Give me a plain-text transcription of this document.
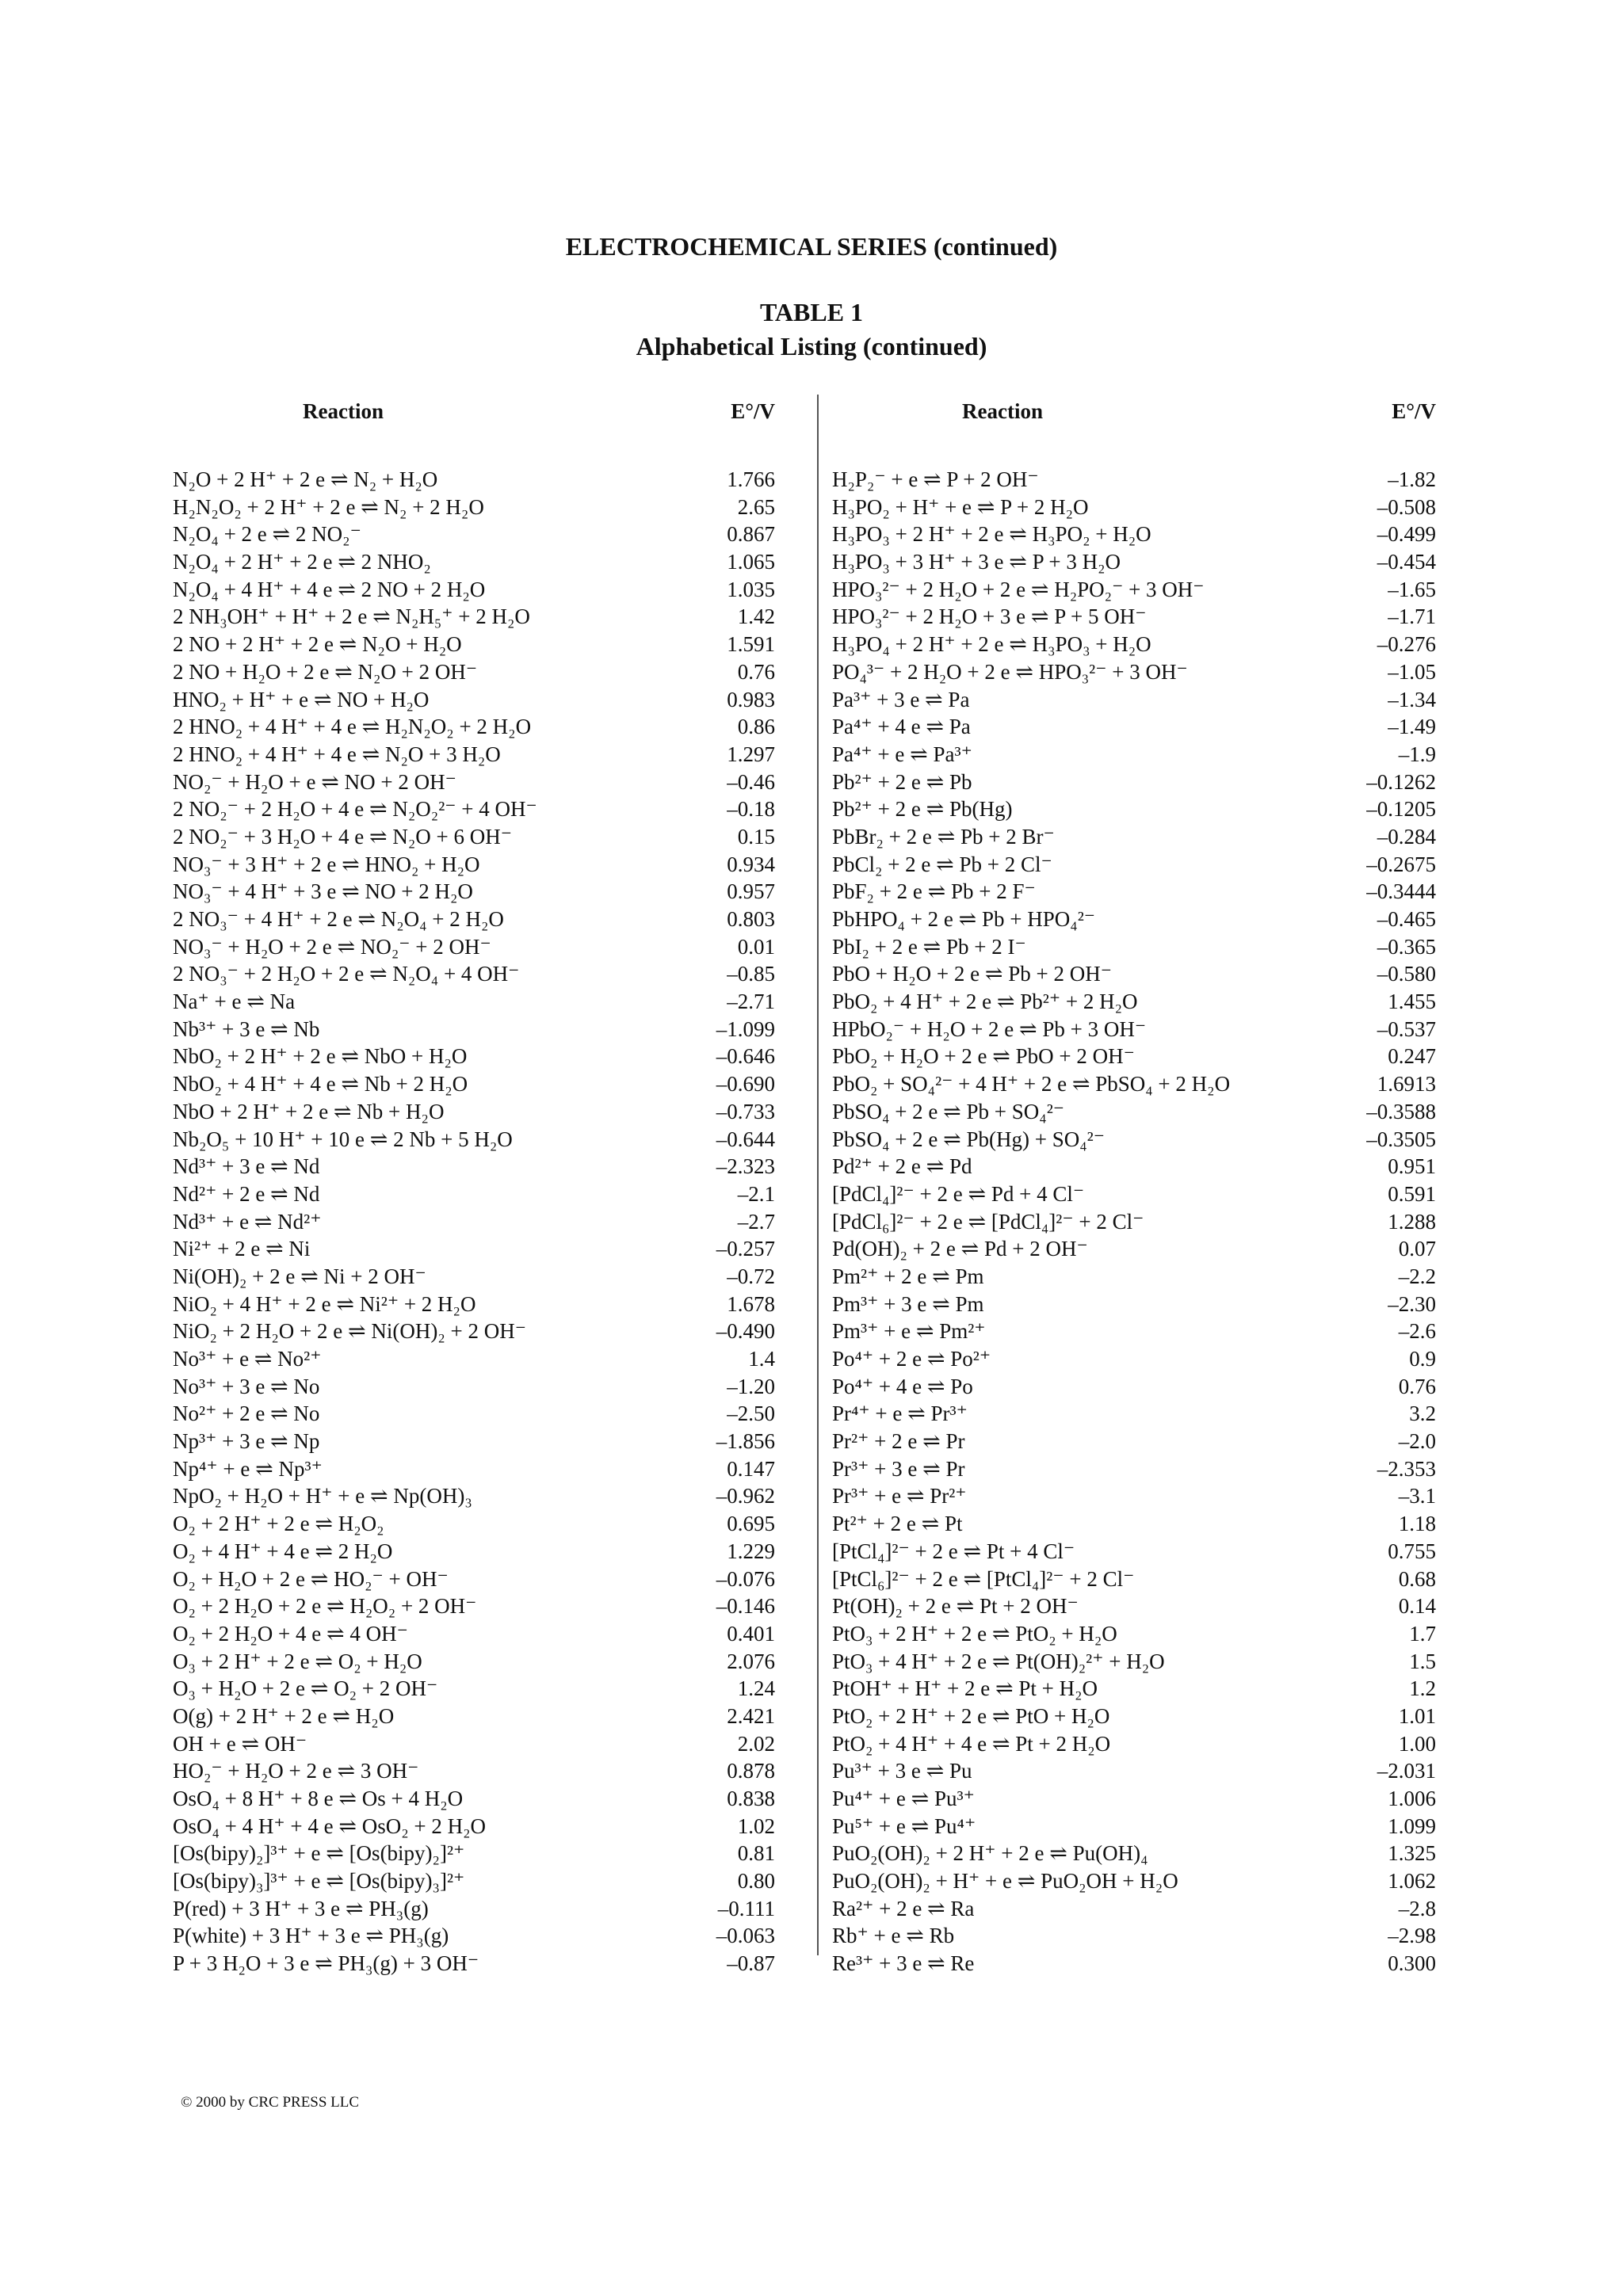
ELECTROCHEMICAL SERIES (continued)
TABLE 1
Alphabetical Listing (continued)
Reaction	E°/V
N₂O + 2 H⁺ + 2 e ⇌ N₂ + H₂O	1.766
H₂N₂O₂ + 2 H⁺ + 2 e ⇌ N₂ + 2 H₂O	2.65
N₂O₄ + 2 e ⇌ 2 NO₂⁻	0.867
N₂O₄ + 2 H⁺ + 2 e ⇌ 2 NHO₂	1.065
N₂O₄ + 4 H⁺ + 4 e ⇌ 2 NO + 2 H₂O	1.035
2 NH₃OH⁺ + H⁺ + 2 e ⇌ N₂H₅⁺ + 2 H₂O	1.42
2 NO + 2 H⁺ + 2 e ⇌ N₂O + H₂O	1.591
2 NO + H₂O + 2 e ⇌ N₂O + 2 OH⁻	0.76
HNO₂ + H⁺ + e ⇌ NO + H₂O	0.983
2 HNO₂ + 4 H⁺ + 4 e ⇌ H₂N₂O₂ + 2 H₂O	0.86
2 HNO₂ + 4 H⁺ + 4 e ⇌ N₂O + 3 H₂O	1.297
NO₂⁻ + H₂O + e ⇌ NO + 2 OH⁻	–0.46
2 NO₂⁻ + 2 H₂O + 4 e ⇌ N₂O₂²⁻ + 4 OH⁻	–0.18
2 NO₂⁻ + 3 H₂O + 4 e ⇌ N₂O + 6 OH⁻	0.15
NO₃⁻ + 3 H⁺ + 2 e ⇌ HNO₂ + H₂O	0.934
NO₃⁻ + 4 H⁺ + 3 e ⇌ NO + 2 H₂O	0.957
2 NO₃⁻ + 4 H⁺ + 2 e ⇌ N₂O₄ + 2 H₂O	0.803
NO₃⁻ + H₂O + 2 e ⇌ NO₂⁻ + 2 OH⁻	0.01
2 NO₃⁻ + 2 H₂O + 2 e ⇌ N₂O₄ + 4 OH⁻	–0.85
Na⁺ + e ⇌ Na	–2.71
Nb³⁺ + 3 e ⇌ Nb	–1.099
NbO₂ + 2 H⁺ + 2 e ⇌ NbO + H₂O	–0.646
NbO₂ + 4 H⁺ + 4 e ⇌ Nb + 2 H₂O	–0.690
NbO + 2 H⁺ + 2 e ⇌ Nb + H₂O	–0.733
Nb₂O₅ + 10 H⁺ + 10 e ⇌ 2 Nb + 5 H₂O	–0.644
Nd³⁺ + 3 e ⇌ Nd	–2.323
Nd²⁺ + 2 e ⇌ Nd	–2.1
Nd³⁺ + e ⇌ Nd²⁺	–2.7
Ni²⁺ + 2 e ⇌ Ni	–0.257
Ni(OH)₂ + 2 e ⇌ Ni + 2 OH⁻	–0.72
NiO₂ + 4 H⁺ + 2 e ⇌ Ni²⁺ + 2 H₂O	1.678
NiO₂ + 2 H₂O + 2 e ⇌ Ni(OH)₂ + 2 OH⁻	–0.490
No³⁺ + e ⇌ No²⁺	1.4
No³⁺ + 3 e ⇌ No	–1.20
No²⁺ + 2 e ⇌ No	–2.50
Np³⁺ + 3 e ⇌ Np	–1.856
Np⁴⁺ + e ⇌ Np³⁺	0.147
NpO₂ + H₂O + H⁺ + e ⇌ Np(OH)₃	–0.962
O₂ + 2 H⁺ + 2 e ⇌ H₂O₂	0.695
O₂ + 4 H⁺ + 4 e ⇌ 2 H₂O	1.229
O₂ + H₂O + 2 e ⇌ HO₂⁻ + OH⁻	–0.076
O₂ + 2 H₂O + 2 e ⇌ H₂O₂ + 2 OH⁻	–0.146
O₂ + 2 H₂O + 4 e ⇌ 4 OH⁻	0.401
O₃ + 2 H⁺ + 2 e ⇌ O₂ + H₂O	2.076
O₃ + H₂O + 2 e ⇌ O₂ + 2 OH⁻	1.24
O(g) + 2 H⁺ + 2 e ⇌ H₂O	2.421
OH + e ⇌ OH⁻	2.02
HO₂⁻ + H₂O + 2 e ⇌ 3 OH⁻	0.878
OsO₄ + 8 H⁺ + 8 e ⇌ Os + 4 H₂O	0.838
OsO₄ + 4 H⁺ + 4 e ⇌ OsO₂ + 2 H₂O	1.02
[Os(bipy)₂]³⁺ + e ⇌ [Os(bipy)₂]²⁺	0.81
[Os(bipy)₃]³⁺ + e ⇌ [Os(bipy)₃]²⁺	0.80
P(red) + 3 H⁺ + 3 e ⇌ PH₃(g)	–0.111
P(white) + 3 H⁺ + 3 e ⇌ PH₃(g)	–0.063
P + 3 H₂O + 3 e ⇌ PH₃(g) + 3 OH⁻	–0.87
Reaction	E°/V
H₂P₂⁻ + e ⇌ P + 2 OH⁻	–1.82
H₃PO₂ + H⁺ + e ⇌ P + 2 H₂O	–0.508
H₃PO₃ + 2 H⁺ + 2 e ⇌ H₃PO₂ + H₂O	–0.499
H₃PO₃ + 3 H⁺ + 3 e ⇌ P + 3 H₂O	–0.454
HPO₃²⁻ + 2 H₂O + 2 e ⇌ H₂PO₂⁻ + 3 OH⁻	–1.65
HPO₃²⁻ + 2 H₂O + 3 e ⇌ P + 5 OH⁻	–1.71
H₃PO₄ + 2 H⁺ + 2 e ⇌ H₃PO₃ + H₂O	–0.276
PO₄³⁻ + 2 H₂O + 2 e ⇌ HPO₃²⁻ + 3 OH⁻	–1.05
Pa³⁺ + 3 e ⇌ Pa	–1.34
Pa⁴⁺ + 4 e ⇌ Pa	–1.49
Pa⁴⁺ + e ⇌ Pa³⁺	–1.9
Pb²⁺ + 2 e ⇌ Pb	–0.1262
Pb²⁺ + 2 e ⇌ Pb(Hg)	–0.1205
PbBr₂ + 2 e ⇌ Pb + 2 Br⁻	–0.284
PbCl₂ + 2 e ⇌ Pb + 2 Cl⁻	–0.2675
PbF₂ + 2 e ⇌ Pb + 2 F⁻	–0.3444
PbHPO₄ + 2 e ⇌ Pb + HPO₄²⁻	–0.465
PbI₂ + 2 e ⇌ Pb + 2 I⁻	–0.365
PbO + H₂O + 2 e ⇌ Pb + 2 OH⁻	–0.580
PbO₂ + 4 H⁺ + 2 e ⇌ Pb²⁺ + 2 H₂O	1.455
HPbO₂⁻ + H₂O + 2 e ⇌ Pb + 3 OH⁻	–0.537
PbO₂ + H₂O + 2 e ⇌ PbO + 2 OH⁻	0.247
PbO₂ + SO₄²⁻ + 4 H⁺ + 2 e ⇌ PbSO₄ + 2 H₂O	1.6913
PbSO₄ + 2 e ⇌ Pb + SO₄²⁻	–0.3588
PbSO₄ + 2 e ⇌ Pb(Hg) + SO₄²⁻	–0.3505
Pd²⁺ + 2 e ⇌ Pd	0.951
[PdCl₄]²⁻ + 2 e ⇌ Pd + 4 Cl⁻	0.591
[PdCl₆]²⁻ + 2 e ⇌ [PdCl₄]²⁻ + 2 Cl⁻	1.288
Pd(OH)₂ + 2 e ⇌ Pd + 2 OH⁻	0.07
Pm²⁺ + 2 e ⇌ Pm	–2.2
Pm³⁺ + 3 e ⇌ Pm	–2.30
Pm³⁺ + e ⇌ Pm²⁺	–2.6
Po⁴⁺ + 2 e ⇌ Po²⁺	0.9
Po⁴⁺ + 4 e ⇌ Po	0.76
Pr⁴⁺ + e ⇌ Pr³⁺	3.2
Pr²⁺ + 2 e ⇌ Pr	–2.0
Pr³⁺ + 3 e ⇌ Pr	–2.353
Pr³⁺ + e ⇌ Pr²⁺	–3.1
Pt²⁺ + 2 e ⇌ Pt	1.18
[PtCl₄]²⁻ + 2 e ⇌ Pt + 4 Cl⁻	0.755
[PtCl₆]²⁻ + 2 e ⇌ [PtCl₄]²⁻ + 2 Cl⁻	0.68
Pt(OH)₂ + 2 e ⇌ Pt + 2 OH⁻	0.14
PtO₃ + 2 H⁺ + 2 e ⇌ PtO₂ + H₂O	1.7
PtO₃ + 4 H⁺ + 2 e ⇌ Pt(OH)₂²⁺ + H₂O	1.5
PtOH⁺ + H⁺ + 2 e ⇌ Pt + H₂O	1.2
PtO₂ + 2 H⁺ + 2 e ⇌ PtO + H₂O	1.01
PtO₂ + 4 H⁺ + 4 e ⇌ Pt + 2 H₂O	1.00
Pu³⁺ + 3 e ⇌ Pu	–2.031
Pu⁴⁺ + e ⇌ Pu³⁺	1.006
Pu⁵⁺ + e ⇌ Pu⁴⁺	1.099
PuO₂(OH)₂ + 2 H⁺ + 2 e ⇌ Pu(OH)₄	1.325
PuO₂(OH)₂ + H⁺ + e ⇌ PuO₂OH + H₂O	1.062
Ra²⁺ + 2 e ⇌ Ra	–2.8
Rb⁺ + e ⇌ Rb	–2.98
Re³⁺ + 3 e ⇌ Re	0.300

© 2000 by CRC PRESS LLC
